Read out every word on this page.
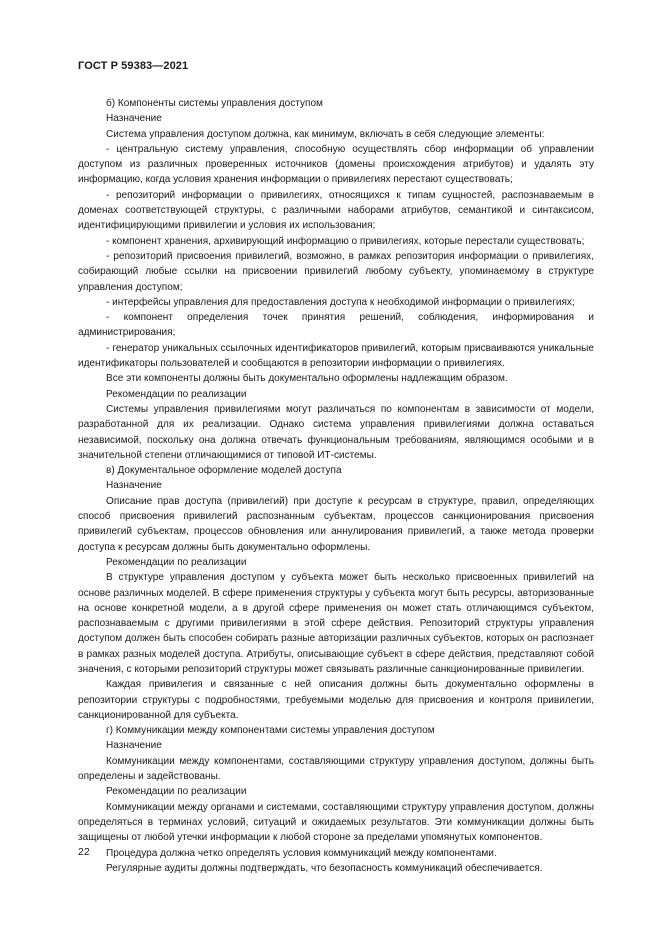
ГОСТ Р 59383—2021

б) Компоненты системы управления доступом

Назначение

Система управления доступом должна, как минимум, включать в себя следующие элементы:

- центральную систему управления, способную осуществлять сбор информации об управлении доступом из различных проверенных источников (домены происхождения атрибутов) и удалять эту информацию, когда условия хранения информации о привилегиях перестают существовать;

- репозиторий информации о привилегиях, относящихся к типам сущностей, распознаваемым в доменах соответствующей структуры, с различными наборами атрибутов, семантикой и синтаксисом, идентифицирующими привилегии и условия их использования;

- компонент хранения, архивирующий информацию о привилегиях, которые перестали существовать;

- репозиторий присвоения привилегий, возможно, в рамках репозитория информации о привилегиях, собирающий любые ссылки на присвоении привилегий любому субъекту, упоминаемому в структуре управления доступом;

- интерфейсы управления для предоставления доступа к необходимой информации о привилегиях;

- компонент определения точек принятия решений, соблюдения, информирования и администрирования;

- генератор уникальных ссылочных идентификаторов привилегий, которым присваиваются уникальные идентификаторы пользователей и сообщаются в репозитории информации о привилегиях.

Все эти компоненты должны быть документально оформлены надлежащим образом.

Рекомендации по реализации

Системы управления привилегиями могут различаться по компонентам в зависимости от модели, разработанной для их реализации. Однако система управления привилегиями должна оставаться независимой, поскольку она должна отвечать функциональным требованиям, являющимся особыми и в значительной степени отличающимися от типовой ИТ-системы.

в) Документальное оформление моделей доступа

Назначение

Описание прав доступа (привилегий) при доступе к ресурсам в структуре, правил, определяющих способ присвоения привилегий распознанным субъектам, процессов санкционирования присвоения привилегий субъектам, процессов обновления или аннулирования привилегий, а также метода проверки доступа к ресурсам должны быть документально оформлены.

Рекомендации по реализации

В структуре управления доступом у субъекта может быть несколько присвоенных привилегий на основе различных моделей. В сфере применения структуры у субъекта могут быть ресурсы, авторизованные на основе конкретной модели, а в другой сфере применения он может стать отличающимся субъектом, распознаваемым с другими привилегиями в этой сфере действия. Репозиторий структуры управления доступом должен быть способен собирать разные авторизации различных субъектов, которых он распознает в рамках разных моделей доступа. Атрибуты, описывающие субъект в сфере действия, представляют собой значения, с которыми репозиторий структуры может связывать различные санкционированные привилегии.

Каждая привилегия и связанные с ней описания должны быть документально оформлены в репозитории структуры с подробностями, требуемыми моделью для присвоения и контроля привилегии, санкционированной для субъекта.

г) Коммуникации между компонентами системы управления доступом

Назначение

Коммуникации между компонентами, составляющими структуру управления доступом, должны быть определены и задействованы.

Рекомендации по реализации

Коммуникации между органами и системами, составляющими структуру управления доступом, должны определяться в терминах условий, ситуаций и ожидаемых результатов. Эти коммуникации должны быть защищены от любой утечки информации к любой стороне за пределами упомянутых компонентов.

Процедура должна четко определять условия коммуникаций между компонентами.

Регулярные аудиты должны подтверждать, что безопасность коммуникаций обеспечивается.

22
